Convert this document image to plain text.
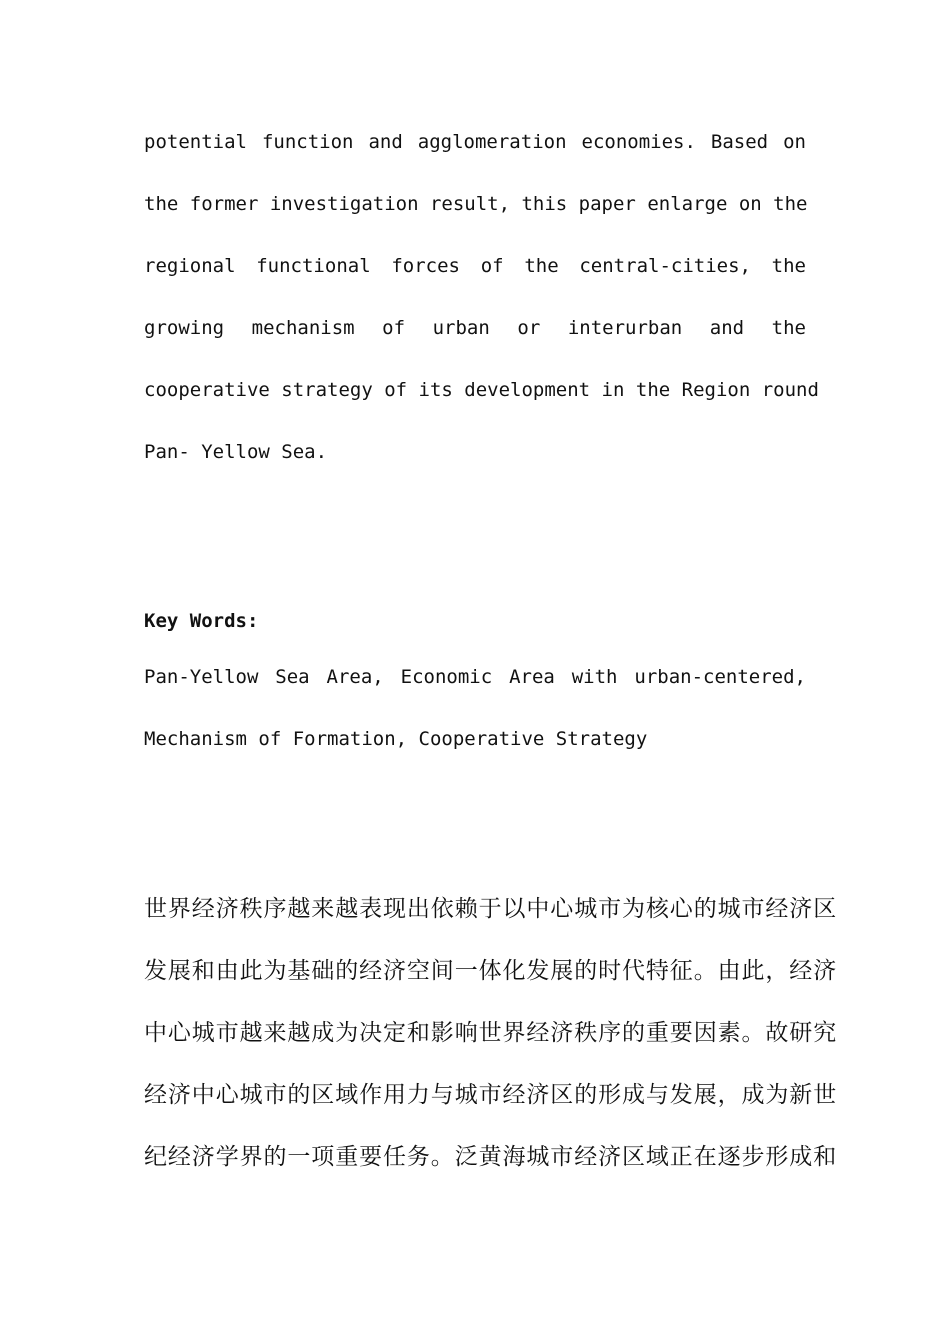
potential function and agglomeration economies. Based on
the former investigation result, this paper enlarge on the
regional functional forces of the central-cities, the
growing mechanism of urban or interurban and the
cooperative strategy of its development in the Region round
Pan- Yellow Sea.
Key Words:
Pan-Yellow Sea Area, Economic Area with urban-centered,
Mechanism of Formation, Cooperative Strategy
世界经济秩序越来越表现出依赖于以中心城市为核心的城市经济区
发展和由此为基础的经济空间一体化发展的时代特征。由此，经济
中心城市越来越成为决定和影响世界经济秩序的重要因素。故研究
经济中心城市的区域作用力与城市经济区的形成与发展，成为新世
纪经济学界的一项重要任务。泛黄海城市经济区域正在逐步形成和
